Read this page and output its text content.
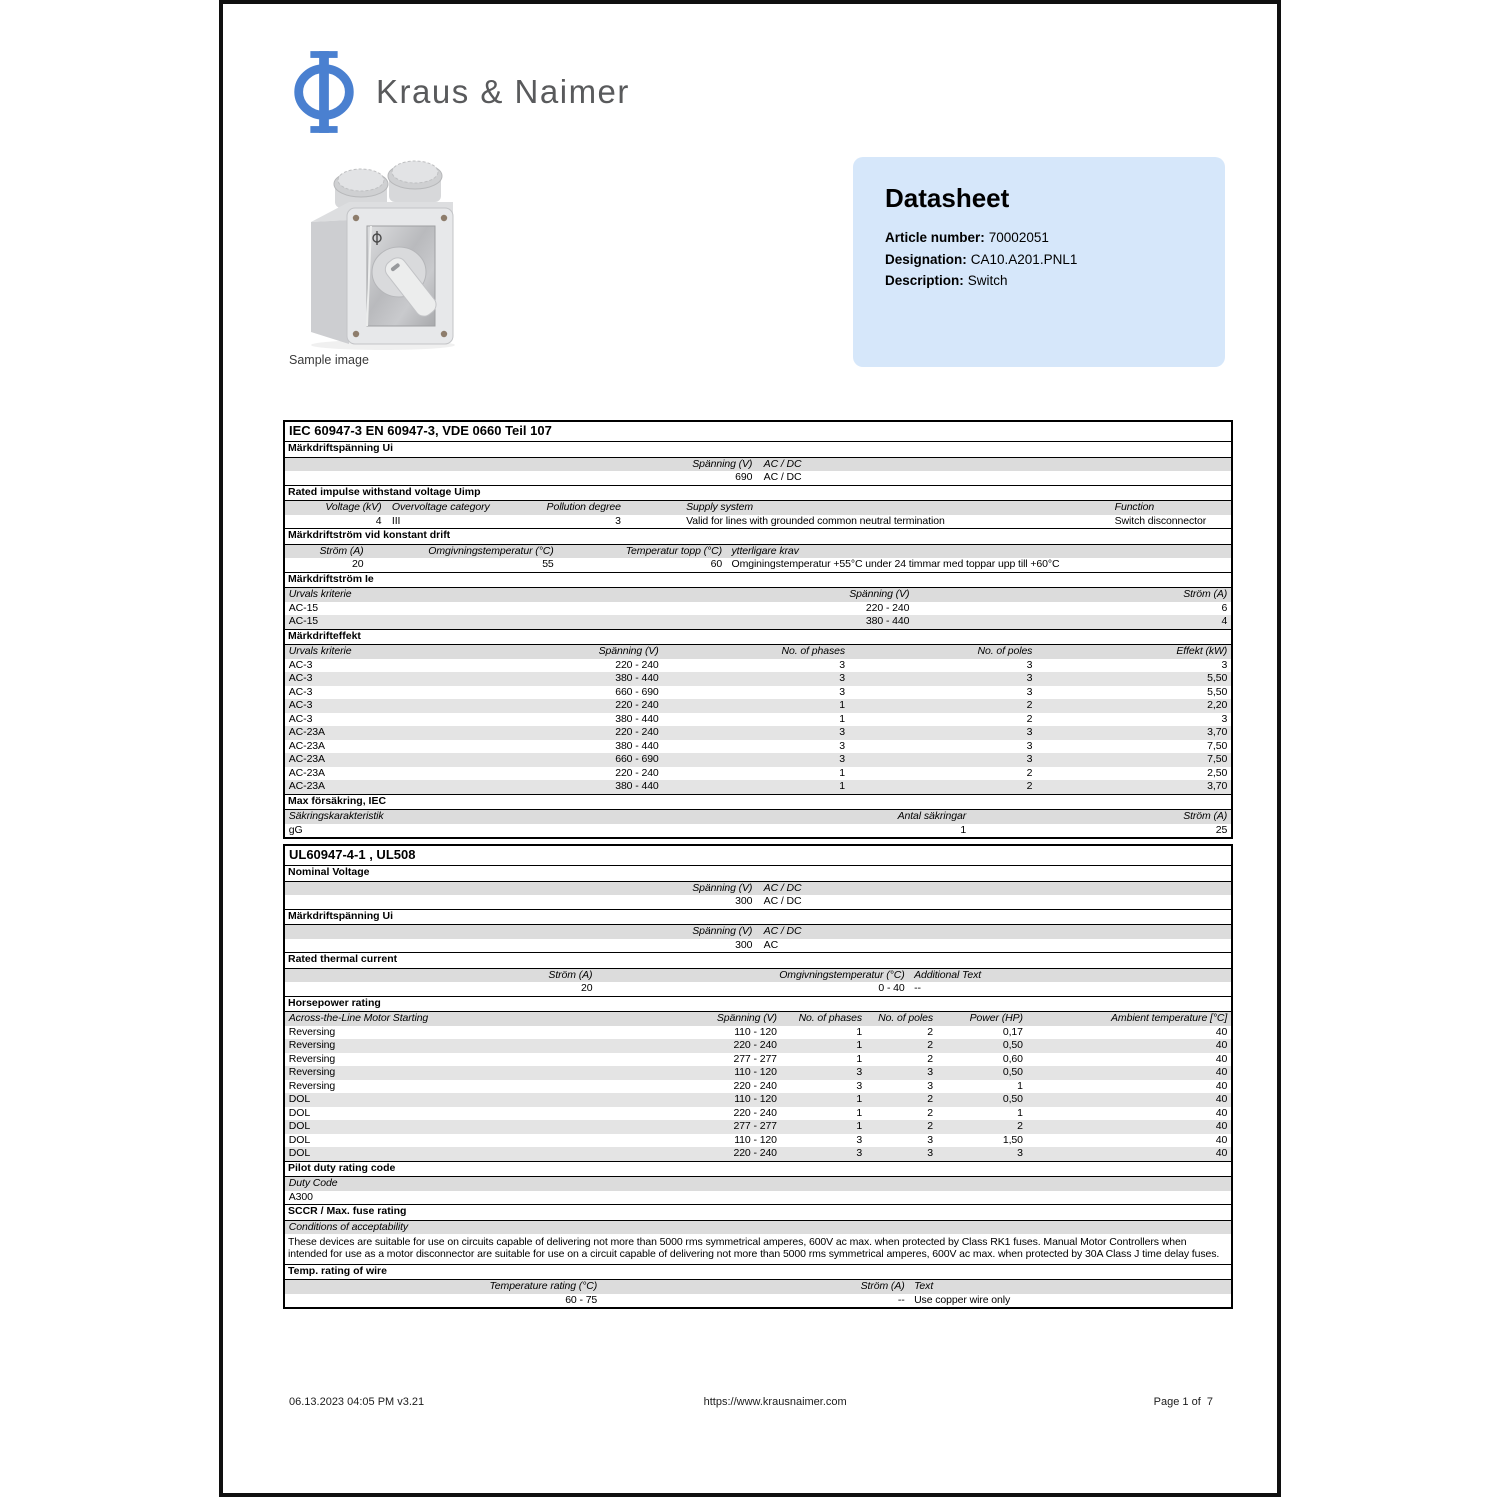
Kraus & Naimer
Sample image
Datasheet
Article number: 70002051
Designation: CA10.A201.PNL1
Description: Switch
IEC 60947-3 EN 60947-3, VDE 0660 Teil 107
Märkdriftspänning Ui
Spänning (V) AC / DC
690 AC / DC
Rated impulse withstand voltage Uimp
Voltage (kV) Overvoltage category	Pollution degree	Supply system	Function
4 III	3	Valid for lines with grounded common neutral termination	Switch disconnector
Märkdriftström vid konstant drift
Ström (A)	Omgivningstemperatur (°C)	Temperatur topp (°C) ytterligare krav
20	55	60 Omginingstemperatur +55°C under 24 timmar med toppar upp till +60°C
Märkdriftström Ie
Urvals kriterie	Spänning (V)	Ström (A)
AC-15	220 - 240	6
AC-15	380 - 440	4
Märkdrifteffekt
Urvals kriterie	Spänning (V)	No. of phases	No. of poles	Effekt (kW)
AC-3	220 - 240	3	3	3
AC-3	380 - 440	3	3	5,50
AC-3	660 - 690	3	3	5,50
AC-3	220 - 240	1	2	2,20
AC-3	380 - 440	1	2	3
AC-23A	220 - 240	3	3	3,70
AC-23A	380 - 440	3	3	7,50
AC-23A	660 - 690	3	3	7,50
AC-23A	220 - 240	1	2	2,50
AC-23A	380 - 440	1	2	3,70
Max försäkring, IEC
Säkringskarakteristik	Antal säkringar	Ström (A)
gG	1	25
UL60947-4-1 , UL508
Nominal Voltage
Spänning (V) AC / DC
300 AC / DC
Märkdriftspänning Ui
Spänning (V) AC / DC
300 AC
Rated thermal current
Ström (A)	Omgivningstemperatur (°C) Additional Text
20	0 - 40 --
Horsepower rating
Across-the-Line Motor Starting	Spänning (V) No. of phases No. of poles	Power (HP)	Ambient temperature [°C]
Reversing	110 - 120	1	2	0,17	40
Reversing	220 - 240	1	2	0,50	40
Reversing	277 - 277	1	2	0,60	40
Reversing	110 - 120	3	3	0,50	40
Reversing	220 - 240	3	3	1	40
DOL	110 - 120	1	2	0,50	40
DOL	220 - 240	1	2	1	40
DOL	277 - 277	1	2	2	40
DOL	110 - 120	3	3	1,50	40
DOL	220 - 240	3	3	3	40
Pilot duty rating code
Duty Code
A300
SCCR / Max. fuse rating
Conditions of acceptability
These devices are suitable for use on circuits capable of delivering not more than 5000 rms symmetrical amperes, 600V ac max. when protected by Class RK1 fuses. Manual Motor Controllers when intended for use as a motor disconnector are suitable for use on a circuit capable of delivering not more than 5000 rms symmetrical amperes, 600V ac max. when protected by 30A Class J time delay fuses.
Temp. rating of wire
Temperature rating (°C)	Ström (A) Text
60 - 75	-- Use copper wire only
06.13.2023 04:05 PM v3.21	https://www.krausnaimer.com	Page 1 of  7
